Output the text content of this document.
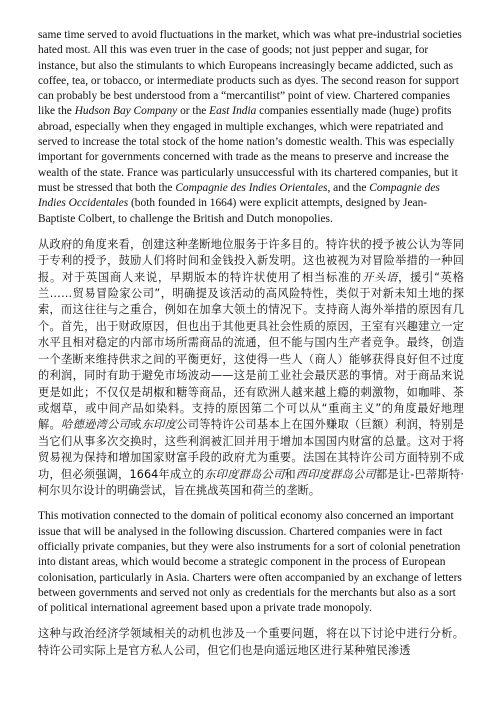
same time served to avoid fluctuations in the market, which was what pre-industrial societies hated most. All this was even truer in the case of goods; not just pepper and sugar, for instance, but also the stimulants to which Europeans increasingly became addicted, such as coffee, tea, or tobacco, or intermediate products such as dyes. The second reason for support can probably be best understood from a “mercantilist” point of view. Chartered companies like the Hudson Bay Company or the East India companies essentially made (huge) profits abroad, especially when they engaged in multiple exchanges, which were repatriated and served to increase the total stock of the home nation’s domestic wealth. This was especially important for governments concerned with trade as the means to preserve and increase the wealth of the state. France was particularly unsuccessful with its chartered companies, but it must be stressed that both the Compagnie des Indies Orientales, and the Compagnie des Indies Occidentales (both founded in 1664) were explicit attempts, designed by Jean-Baptiste Colbert, to challenge the British and Dutch monopolies.

从政府的角度来看，创建这种垄断地位服务于许多目的。特许状的授予被公认为等同于专利的授予，鼓励人们将时间和金钱投入新发明。这也被视为对冒险举措的一种回报。对于英国商人来说，早期版本的特许状使用了相当标准的开头语，援引“英格兰……贸易冒险家公司”，明确提及该活动的高风险特性，类似于对新未知土地的探索，而这往往与之重合，例如在加拿大领土的情况下。支持商人海外举措的原因有几个。首先，出于财政原因，但也出于其他更具社会性质的原因，王室有兴趣建立一定水平且相对稳定的内部市场所需商品的流通，但不能与国内生产者竞争。最终，创造一个垄断来维持供求之间的平衡更好，这使得一些人（商人）能够获得良好但不过度的利润，同时有助于避免市场波动——这是前工业社会最厌恶的事情。对于商品来说更是如此；不仅仅是胡椒和糖等商品，还有欧洲人越来越上瘾的刺激物，如咖啡、茶或烟草，或中间产品如染料。支持的原因第二个可以从“重商主义”的角度最好地理解。哈德逊湾公司或东印度公司等特许公司基本上在国外赚取（巨额）利润，特别是当它们从事多次交换时，这些利润被汇回并用于增加本国国内财富的总量。这对于将贸易视为保持和增加国家财富手段的政府尤为重要。法国在其特许公司方面特别不成功，但必须强调，1664年成立的东印度群岛公司和西印度群岛公司都是让-巴蒂斯特·柯尔贝尔设计的明确尝试，旨在挑战英国和荷兰的垄断。

This motivation connected to the domain of political economy also concerned an important issue that will be analysed in the following discussion. Chartered companies were in fact officially private companies, but they were also instruments for a sort of colonial penetration into distant areas, which would become a strategic component in the process of European colonisation, particularly in Asia. Charters were often accompanied by an exchange of letters between governments and served not only as credentials for the merchants but also as a sort of political international agreement based upon a private trade monopoly.

这种与政治经济学领域相关的动机也涉及一个重要问题，将在以下讨论中进行分析。特许公司实际上是官方私人公司，但它们也是向遥远地区进行某种殖民渗透
